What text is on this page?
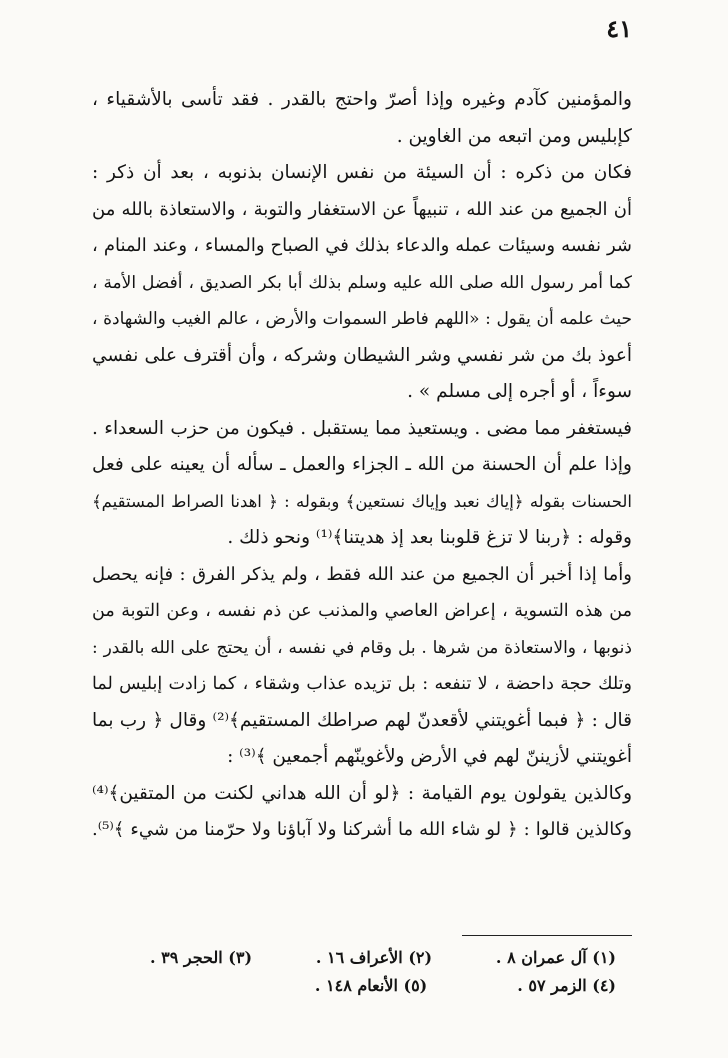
٤١
والمؤمنين كآدم وغيره وإذا أصرّ واحتج بالقدر . فقد تأسى بالأشقياء ،
كإبليس ومن اتبعه من الغاوين .
فكان من ذكره : أن السيئة من نفس الإنسان بذنوبه ، بعد أن ذكر :
أن الجميع من عند الله ، تنبيهاً عن الاستغفار والتوبة ، والاستعاذة بالله من
شر نفسه وسيئات عمله والدعاء بذلك في الصباح والمساء ، وعند المنام ،
كما أمر رسول الله صلى الله عليه وسلم بذلك أبا بكر الصديق ، أفضل الأمة ،
حيث علمه أن يقول : «اللهم فاطر السموات والأرض ، عالم الغيب والشهادة ،
أعوذ بك من شر نفسي وشر الشيطان وشركه ، وأن أقترف على نفسي
سوءاً ، أو أجره إلى مسلم » .
فيستغفر مما مضى . ويستعيذ مما يستقبل . فيكون من حزب السعداء .
وإذا علم أن الحسنة من الله ـ الجزاء والعمل ـ سأله أن يعينه على فعل
الحسنات بقوله ﴿إياك نعبد وإياك نستعين﴾ وبقوله : ﴿ اهدنا الصراط المستقيم﴾
وقوله : ﴿ربنا لا تزغ قلوبنا بعد إذ هديتنا﴾⁽¹⁾ ونحو ذلك .
وأما إذا أخبر أن الجميع من عند الله فقط ، ولم يذكر الفرق : فإنه يحصل
من هذه التسوية ، إعراض العاصي والمذنب عن ذم نفسه ، وعن التوبة من
ذنوبها ، والاستعاذة من شرها . بل وقام في نفسه ، أن يحتج على الله بالقدر :
وتلك حجة داحضة ، لا تنفعه : بل تزيده عذاب وشقاء ، كما زادت إبليس لما
قال : ﴿ فبما أغويتني لأقعدنّ لهم صراطك المستقيم﴾⁽²⁾ وقال ﴿ رب بما
أغويتني لأزيننّ لهم في الأرض ولأغوينّهم أجمعين ﴾⁽³⁾ :
وكالذين يقولون يوم القيامة : ﴿لو أن الله هداني لكنت من المتقين﴾⁽⁴⁾
وكالذين قالوا : ﴿ لو شاء الله ما أشركنا ولا آباؤنا ولا حرّمنا من شيء ﴾⁽⁵⁾.
(١) آل عمران ٨ .
(٢) الأعراف ١٦ .
(٣) الحجر ٣٩ .
(٤) الزمر ٥٧ .
(٥) الأنعام ١٤٨ .
